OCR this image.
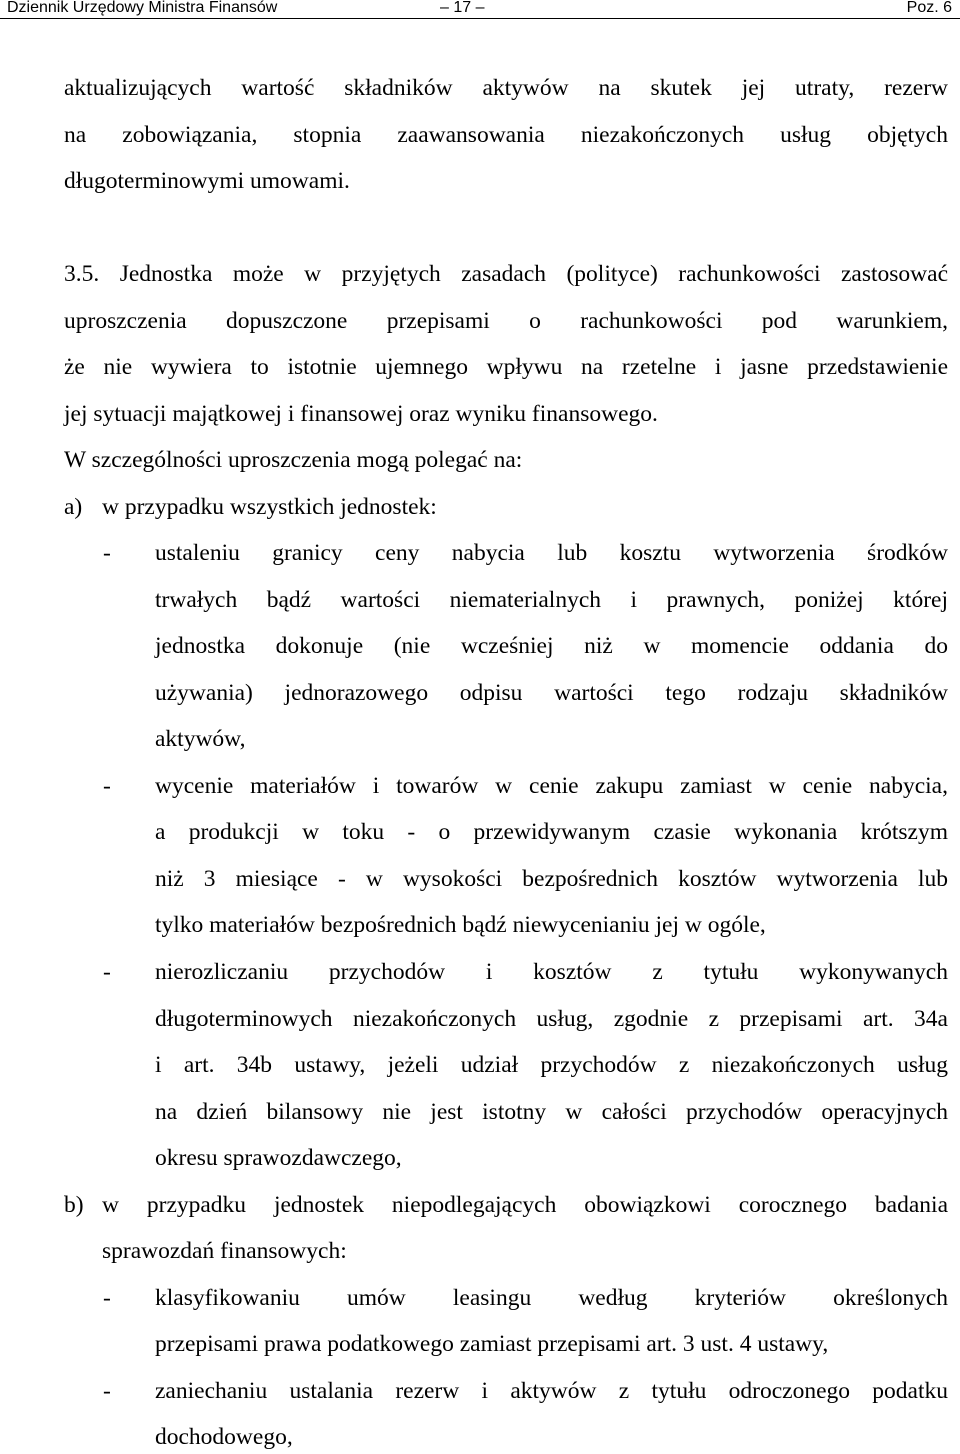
Dziennik Urzędowy Ministra Finansów	– 17 –	Poz. 6
aktualizujących wartość składników aktywów na skutek jej utraty, rezerw
na zobowiązania, stopnia zaawansowania niezakończonych usług objętych
długoterminowymi umowami.
3.5. Jednostka może w przyjętych zasadach (polityce) rachunkowości zastosować
uproszczenia dopuszczone przepisami o rachunkowości pod warunkiem,
że nie wywiera to istotnie ujemnego wpływu na rzetelne i jasne przedstawienie
jej sytuacji majątkowej i finansowej oraz wyniku finansowego.
W szczególności uproszczenia mogą polegać na:
a) w przypadku wszystkich jednostek:
- ustaleniu granicy ceny nabycia lub kosztu wytworzenia środków
trwałych bądź wartości niematerialnych i prawnych, poniżej której
jednostka dokonuje (nie wcześniej niż w momencie oddania do
używania) jednorazowego odpisu wartości tego rodzaju składników
aktywów,
- wycenie materiałów i towarów w cenie zakupu zamiast w cenie nabycia,
a produkcji w toku - o przewidywanym czasie wykonania krótszym
niż 3 miesiące - w wysokości bezpośrednich kosztów wytworzenia lub
tylko materiałów bezpośrednich bądź niewycenianiu jej w ogóle,
- nierozliczaniu przychodów i kosztów z tytułu wykonywanych
długoterminowych niezakończonych usług, zgodnie z przepisami art. 34a
i art. 34b ustawy, jeżeli udział przychodów z niezakończonych usług
na dzień bilansowy nie jest istotny w całości przychodów operacyjnych
okresu sprawozdawczego,
b) w przypadku jednostek niepodlegających obowiązkowi corocznego badania
sprawozdań finansowych:
- klasyfikowaniu umów leasingu według kryteriów określonych
przepisami prawa podatkowego zamiast przepisami art. 3 ust. 4 ustawy,
- zaniechaniu ustalania rezerw i aktywów z tytułu odroczonego podatku
dochodowego,
